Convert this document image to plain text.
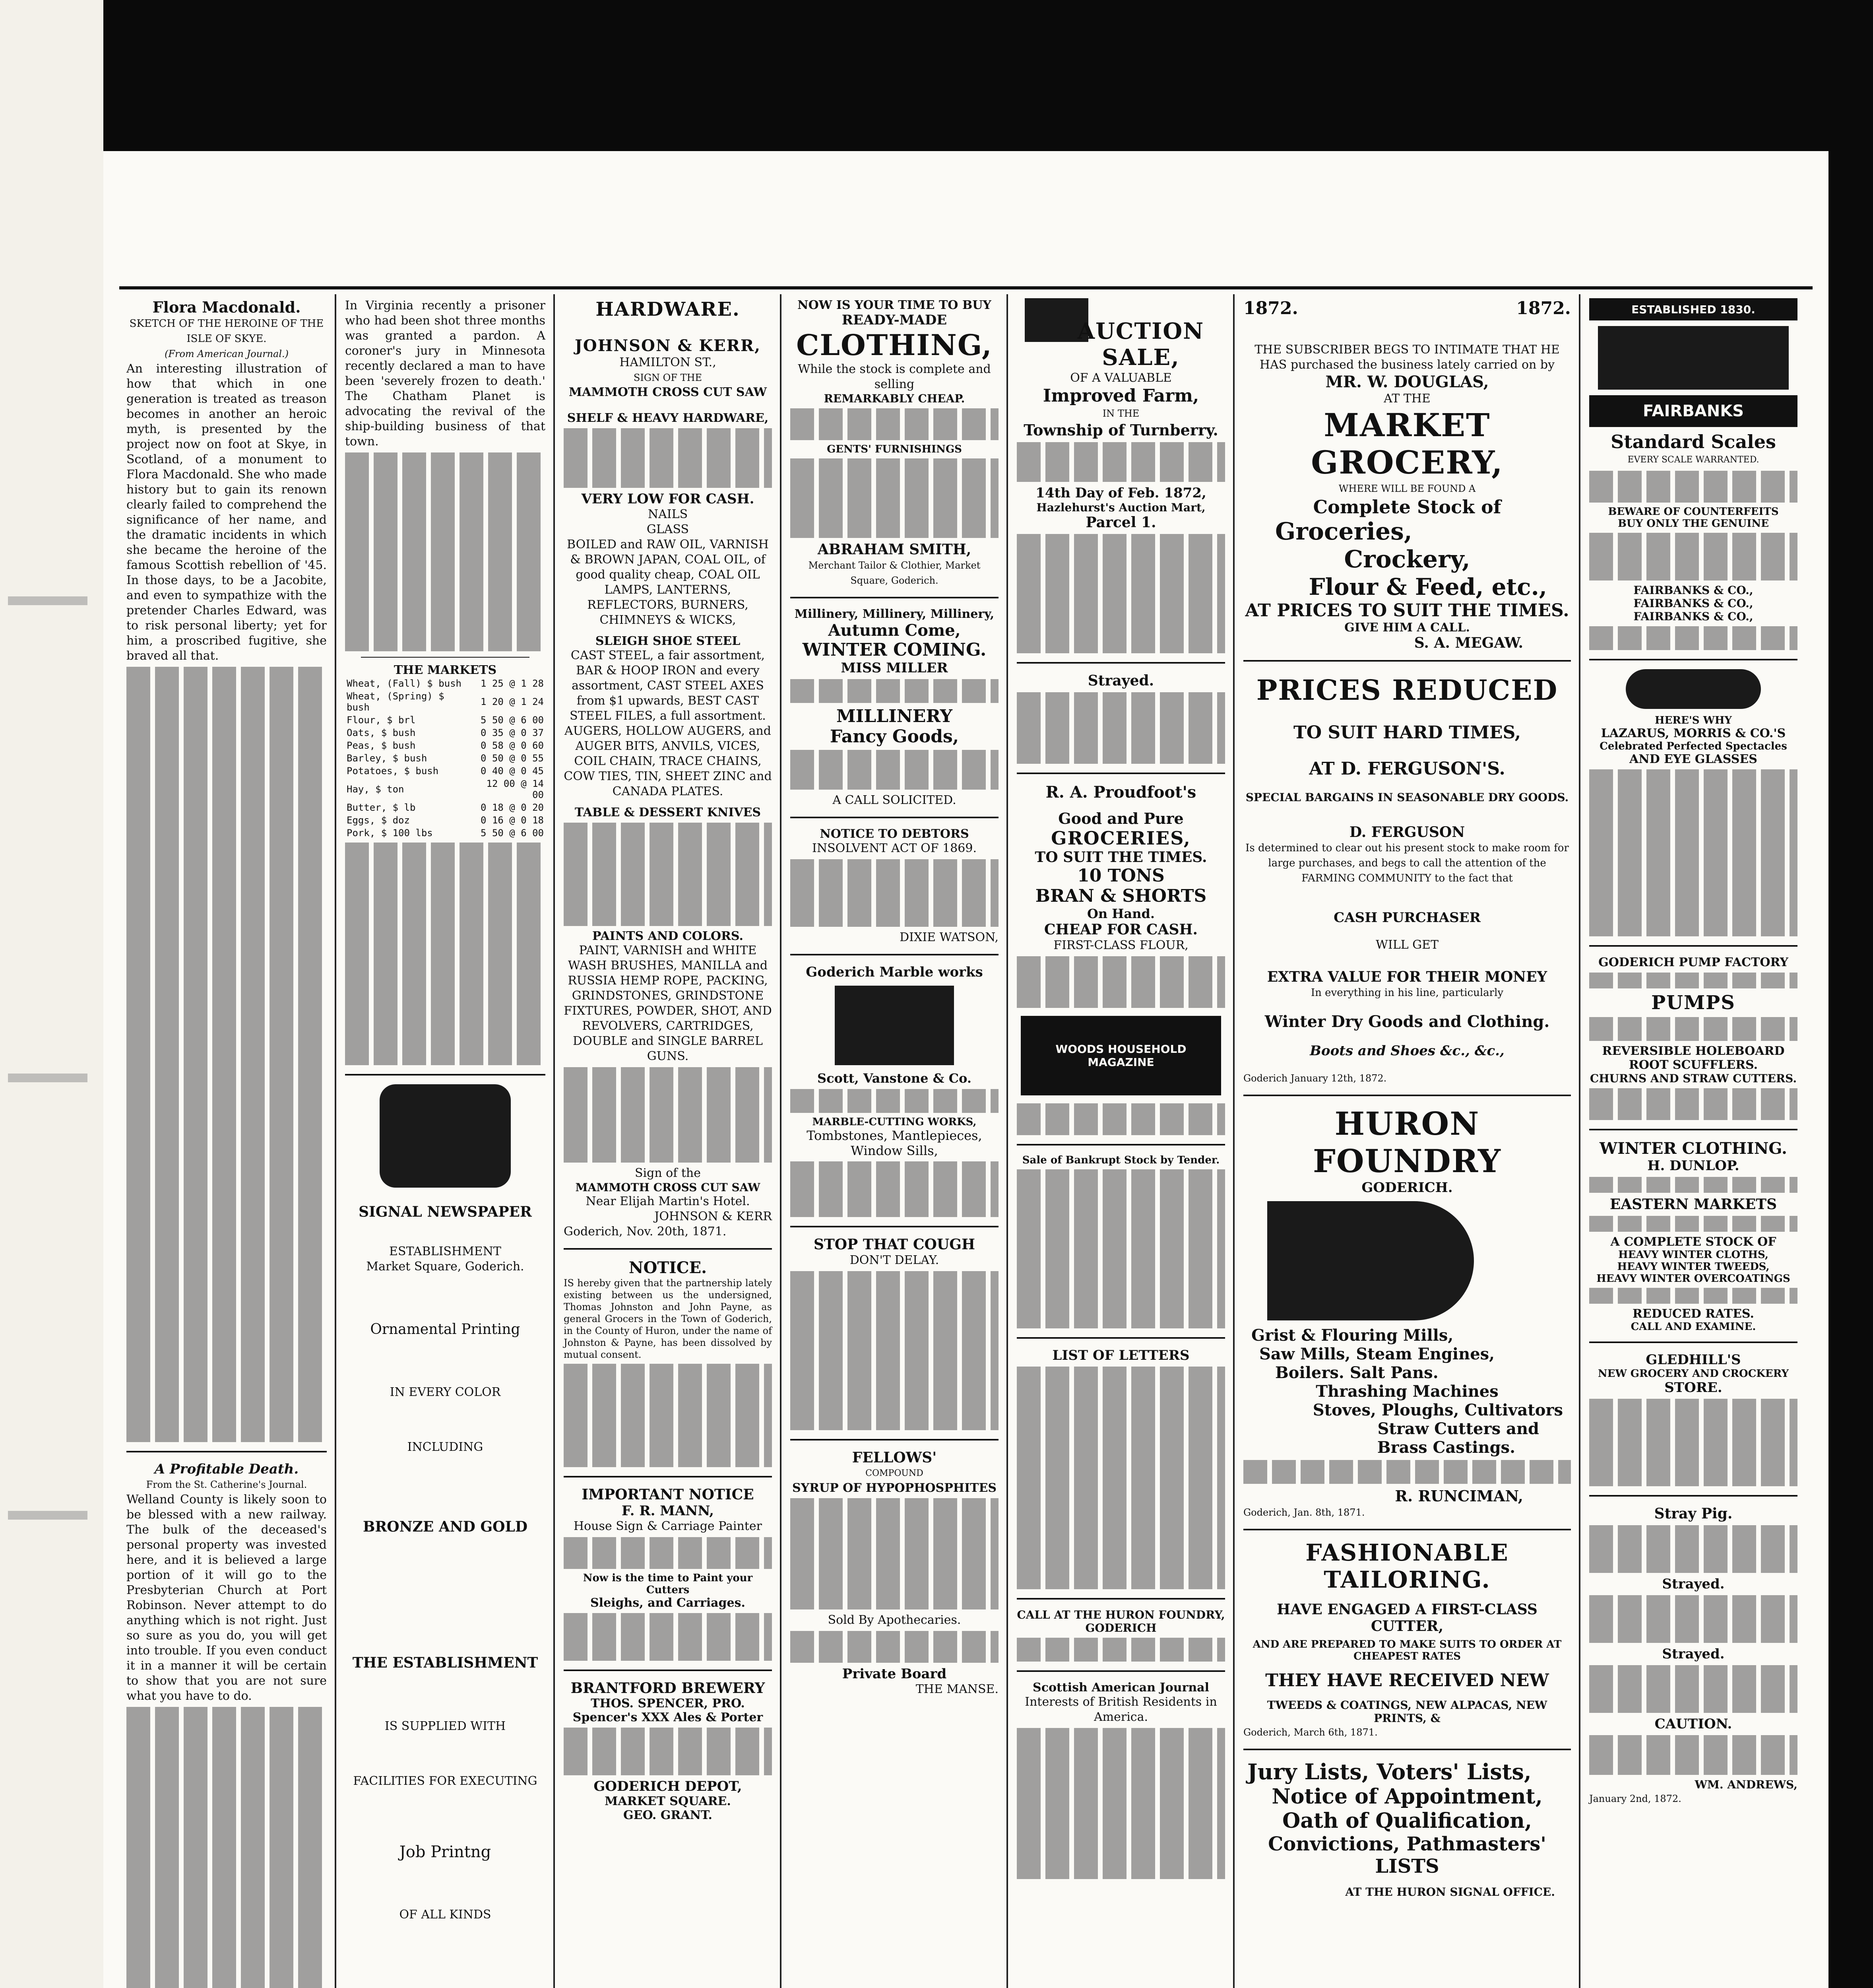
Flora Macdonald.
SKETCH OF THE HEROINE OF THE ISLE OF SKYE.
(From American Journal.)
An interesting illustration of how that which in one generation is treated as treason becomes in another an heroic myth, is presented by the project now on foot at Skye, in Scotland, of a monument to Flora Macdonald. She who made history but to gain its renown clearly failed to comprehend the significance of her name, and the dramatic incidents in which she became the heroine of the famous Scottish rebellion of '45. In those days, to be a Jacobite, and even to sympathize with the pretender Charles Edward, was to risk personal liberty; yet for him, a proscribed fugitive, she braved all that.
A Profitable Death.
From the St. Catherine's Journal.
Welland County is likely soon to be blessed with a new railway. The bulk of the deceased's personal property was invested here, and it is believed a large portion of it will go to the Presbyterian Church at Port Robinson. Never attempt to do anything which is not right. Just so sure as you do, you will get into trouble. If you even conduct it in a manner it will be certain to show that you are not sure what you have to do.
In Virginia recently a prisoner who had been shot three months was granted a pardon. A coroner's jury in Minnesota recently declared a man to have been 'severely frozen to death.' The Chatham Planet is advocating the revival of the ship-building business of that town.
THE MARKETS
Wheat, (Fall) $ bush	1 25 @ 1 28
Wheat, (Spring) $ bush	1 20 @ 1 24
Flour, $ brl	5 50 @ 6 00
Oats, $ bush	0 35 @ 0 37
Peas, $ bush	0 58 @ 0 60
Barley, $ bush	0 50 @ 0 55
Potatoes, $ bush	0 40 @ 0 45
Hay, $ ton	12 00 @ 14 00
Butter, $ lb	0 18 @ 0 20
Eggs, $ doz	0 16 @ 0 18
Pork, $ 100 lbs	5 50 @ 6 00
SIGNAL NEWSPAPER
ESTABLISHMENT
Market Square, Goderich.
Ornamental Printing
IN EVERY COLOR
INCLUDING
BRONZE AND GOLD
THE ESTABLISHMENT
IS SUPPLIED WITH
FACILITIES FOR EXECUTING
Job Printng
OF ALL KINDS
HARDWARE.
JOHNSON & KERR,
HAMILTON ST.,
SIGN OF THE
MAMMOTH CROSS CUT SAW
SHELF & HEAVY HARDWARE,
VERY LOW FOR CASH.
NAILS
GLASS
BOILED and RAW OIL, VARNISH & BROWN JAPAN, COAL OIL, of good quality cheap, COAL OIL LAMPS, LANTERNS, REFLECTORS, BURNERS, CHIMNEYS & WICKS,
SLEIGH SHOE STEEL
CAST STEEL, a fair assortment, BAR & HOOP IRON and every assortment, CAST STEEL AXES from $1 upwards, BEST CAST STEEL FILES, a full assortment. AUGERS, HOLLOW AUGERS, and AUGER BITS, ANVILS, VICES, COIL CHAIN, TRACE CHAINS, COW TIES, TIN, SHEET ZINC and CANADA PLATES.
TABLE & DESSERT KNIVES
PAINTS AND COLORS.
PAINT, VARNISH and WHITE WASH BRUSHES, MANILLA and RUSSIA HEMP ROPE, PACKING, GRINDSTONES, GRINDSTONE FIXTURES, POWDER, SHOT, AND REVOLVERS, CARTRIDGES, DOUBLE and SINGLE BARREL GUNS.
Sign of the
MAMMOTH CROSS CUT SAW
Near Elijah Martin's Hotel.
JOHNSON & KERR
Goderich, Nov. 20th, 1871.
NOTICE.
IS hereby given that the partnership lately existing between us the undersigned, Thomas Johnston and John Payne, as general Grocers in the Town of Goderich, in the County of Huron, under the name of Johnston & Payne, has been dissolved by mutual consent.
IMPORTANT NOTICE
F. R. MANN,
House Sign & Carriage Painter
Now is the time to Paint your Cutters
Sleighs, and Carriages.
BRANTFORD BREWERY
THOS. SPENCER, PRO.
Spencer's XXX Ales & Porter
GODERICH DEPOT,
MARKET SQUARE.
GEO. GRANT.
NOW IS YOUR TIME TO BUY
READY-MADE
CLOTHING,
While the stock is complete and selling
REMARKABLY CHEAP.
GENTS' FURNISHINGS
ABRAHAM SMITH,
Merchant Tailor & Clothier, Market Square, Goderich.
Millinery, Millinery, Millinery,
Autumn Come,
WINTER COMING.
MISS MILLER
MILLINERY
Fancy Goods,
A CALL SOLICITED.
NOTICE TO DEBTORS
INSOLVENT ACT OF 1869.
DIXIE WATSON,
Goderich Marble works
Scott, Vanstone & Co.
MARBLE-CUTTING WORKS,
Tombstones, Mantlepieces, Window Sills,
STOP THAT COUGH
DON'T DELAY.
FELLOWS'
COMPOUND
SYRUP OF HYPOPHOSPHITES
Sold By Apothecaries.
Private Board
THE MANSE.
AUCTION SALE,
OF A VALUABLE
Improved Farm,
IN THE
Township of Turnberry.
14th Day of Feb. 1872,
Hazlehurst's Auction Mart,
Parcel 1.
Strayed.
R. A. Proudfoot's
Good and Pure
GROCERIES,
TO SUIT THE TIMES.
10 TONS
BRAN & SHORTS
On Hand.
CHEAP FOR CASH.
FIRST-CLASS FLOUR,
WOODS HOUSEHOLD MAGAZINE
Sale of Bankrupt Stock by Tender.
LIST OF LETTERS
CALL AT THE HURON FOUNDRY, GODERICH
Scottish American Journal
Interests of British Residents in America.
1872.	1872.
THE SUBSCRIBER BEGS TO INTIMATE THAT HE HAS purchased the business lately carried on by
MR. W. DOUGLAS,
AT THE
MARKET GROCERY,
WHERE WILL BE FOUND A
Complete Stock of
Groceries,
Crockery,
Flour & Feed, etc.,
AT PRICES TO SUIT THE TIMES.
GIVE HIM A CALL.
S. A. MEGAW.
PRICES REDUCED
TO SUIT HARD TIMES,
AT D. FERGUSON'S.
SPECIAL BARGAINS IN SEASONABLE DRY GOODS.
D. FERGUSON
Is determined to clear out his present stock to make room for large purchases, and begs to call the attention of the FARMING COMMUNITY to the fact that
CASH PURCHASER
WILL GET
EXTRA VALUE FOR THEIR MONEY
In everything in his line, particularly
Winter Dry Goods and Clothing.
Boots and Shoes &c., &c.,
Goderich January 12th, 1872.
HURON FOUNDRY
GODERICH.
Grist & Flouring Mills,
Saw Mills, Steam Engines,
Boilers. Salt Pans.
Thrashing Machines
Stoves, Ploughs, Cultivators
Straw Cutters and
Brass Castings.
R. RUNCIMAN,
Goderich, Jan. 8th, 1871.
FASHIONABLE TAILORING.
HAVE ENGAGED A FIRST-CLASS CUTTER,
AND ARE PREPARED TO MAKE SUITS TO ORDER AT CHEAPEST RATES
THEY HAVE RECEIVED NEW
TWEEDS & COATINGS, NEW ALPACAS, NEW PRINTS, &
Goderich, March 6th, 1871.
Jury Lists, Voters' Lists,
Notice of Appointment,
Oath of Qualification,
Convictions, Pathmasters' LISTS
AT THE HURON SIGNAL OFFICE.
ESTABLISHED 1830.
FAIRBANKS
Standard Scales
EVERY SCALE WARRANTED.
BEWARE OF COUNTERFEITS
BUY ONLY THE GENUINE
FAIRBANKS & CO.,
FAIRBANKS & CO.,
FAIRBANKS & CO.,
HERE'S WHY
LAZARUS, MORRIS & CO.'S
Celebrated Perfected Spectacles
AND EYE GLASSES
GODERICH PUMP FACTORY
PUMPS
REVERSIBLE HOLEBOARD
ROOT SCUFFLERS.
CHURNS AND STRAW CUTTERS.
WINTER CLOTHING.
H. DUNLOP.
EASTERN MARKETS
A COMPLETE STOCK OF
HEAVY WINTER CLOTHS,
HEAVY WINTER TWEEDS,
HEAVY WINTER OVERCOATINGS
REDUCED RATES.
CALL AND EXAMINE.
GLEDHILL'S
NEW GROCERY AND CROCKERY
STORE.
Stray Pig.
Strayed.
Strayed.
CAUTION.
WM. ANDREWS,
January 2nd, 1872.
